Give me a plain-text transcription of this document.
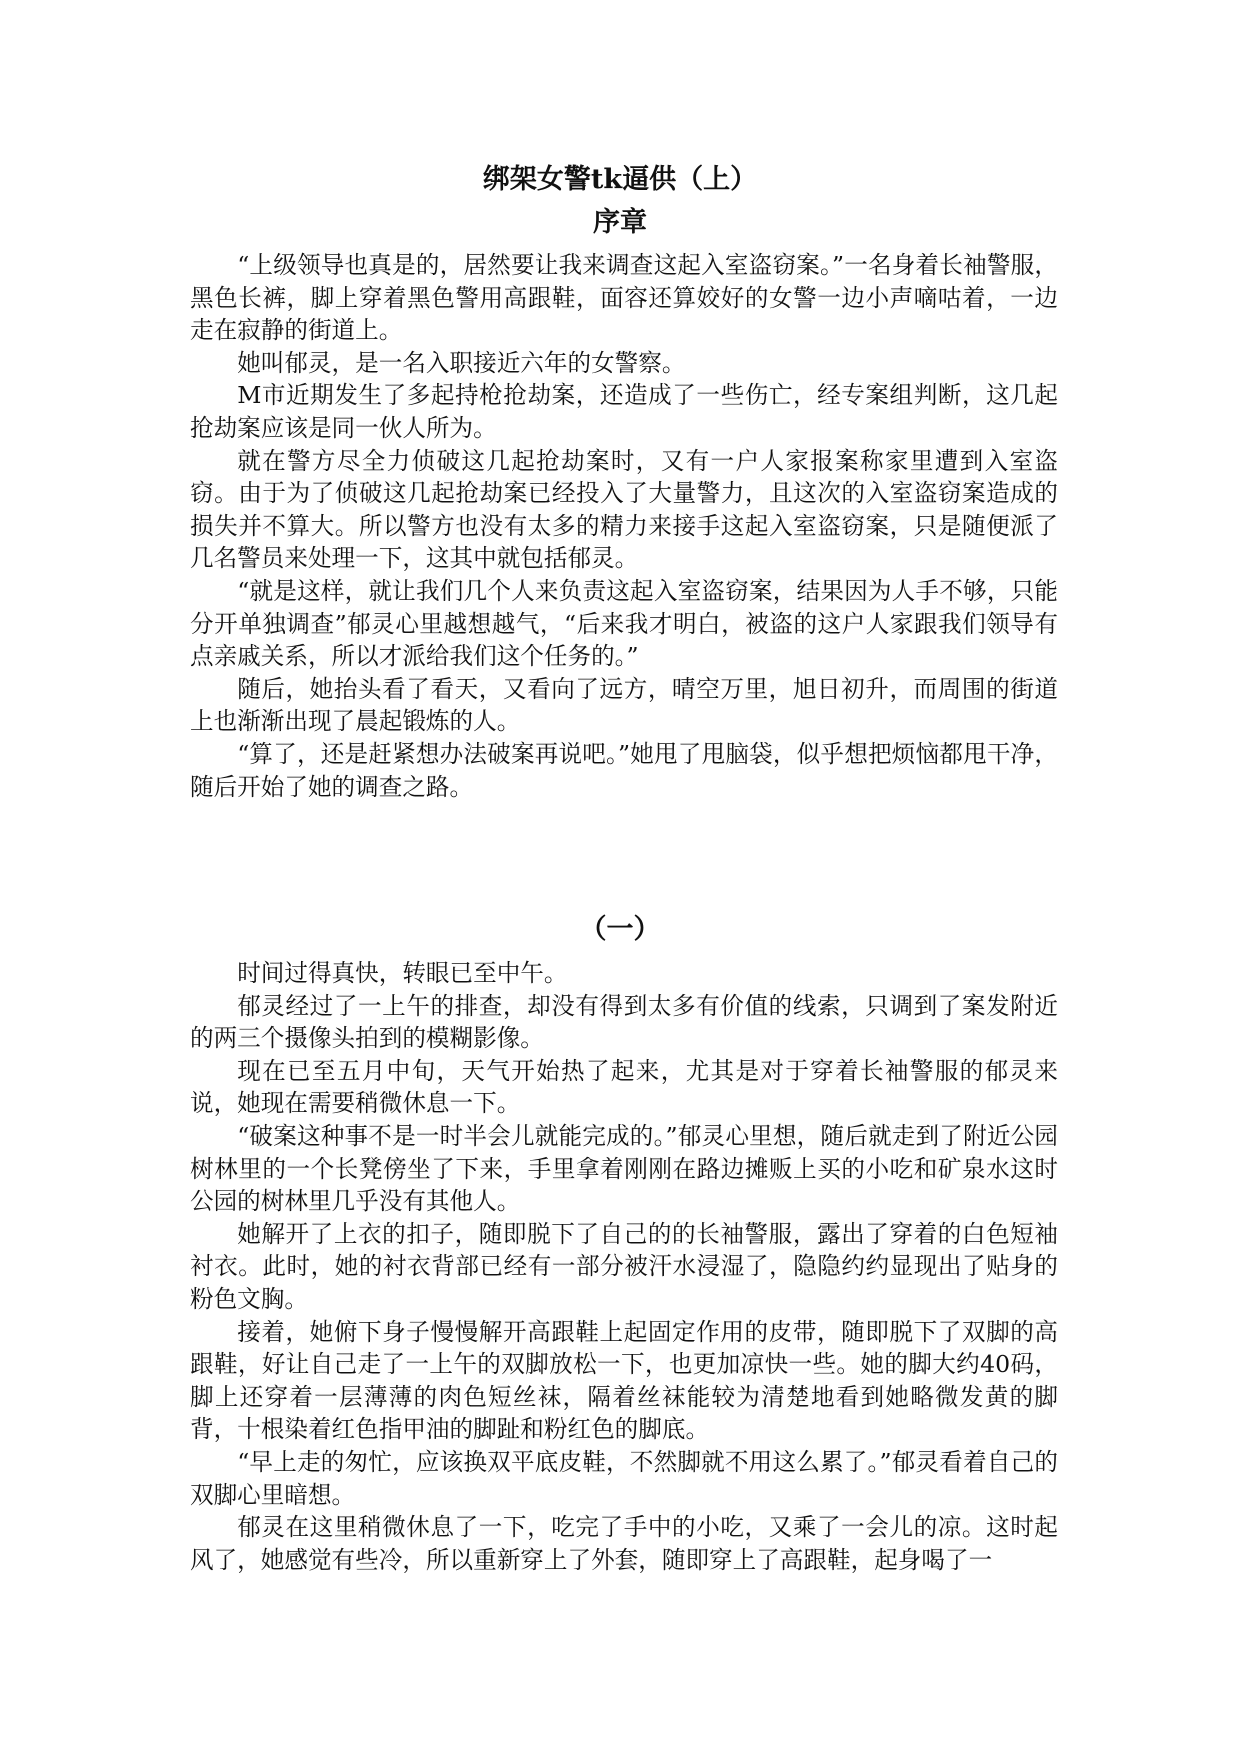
绑架女警tk逼供（上）
序章

“上级领导也真是的，居然要让我来调查这起入室盗窃案。”一名身着长袖警服，黑色长裤，脚上穿着黑色警用高跟鞋，面容还算姣好的女警一边小声嘀咕着，一边走在寂静的街道上。

她叫郁灵，是一名入职接近六年的女警察。

M市近期发生了多起持枪抢劫案，还造成了一些伤亡，经专案组判断，这几起抢劫案应该是同一伙人所为。

就在警方尽全力侦破这几起抢劫案时，又有一户人家报案称家里遭到入室盗窃。由于为了侦破这几起抢劫案已经投入了大量警力，且这次的入室盗窃案造成的损失并不算大。所以警方也没有太多的精力来接手这起入室盗窃案，只是随便派了几名警员来处理一下，这其中就包括郁灵。

“就是这样，就让我们几个人来负责这起入室盗窃案，结果因为人手不够，只能分开单独调查”郁灵心里越想越气，“后来我才明白，被盗的这户人家跟我们领导有点亲戚关系，所以才派给我们这个任务的。”

随后，她抬头看了看天，又看向了远方，晴空万里，旭日初升，而周围的街道上也渐渐出现了晨起锻炼的人。

“算了，还是赶紧想办法破案再说吧。”她甩了甩脑袋，似乎想把烦恼都甩干净，随后开始了她的调查之路。

（一）

时间过得真快，转眼已至中午。

郁灵经过了一上午的排查，却没有得到太多有价值的线索，只调到了案发附近的两三个摄像头拍到的模糊影像。

现在已至五月中旬，天气开始热了起来，尤其是对于穿着长袖警服的郁灵来说，她现在需要稍微休息一下。

“破案这种事不是一时半会儿就能完成的。”郁灵心里想，随后就走到了附近公园树林里的一个长凳傍坐了下来，手里拿着刚刚在路边摊贩上买的小吃和矿泉水这时公园的树林里几乎没有其他人。

她解开了上衣的扣子，随即脱下了自己的的长袖警服，露出了穿着的白色短袖衬衣。此时，她的衬衣背部已经有一部分被汗水浸湿了，隐隐约约显现出了贴身的粉色文胸。

接着，她俯下身子慢慢解开高跟鞋上起固定作用的皮带，随即脱下了双脚的高跟鞋，好让自己走了一上午的双脚放松一下，也更加凉快一些。她的脚大约40码，脚上还穿着一层薄薄的肉色短丝袜，隔着丝袜能较为清楚地看到她略微发黄的脚背，十根染着红色指甲油的脚趾和粉红色的脚底。

“早上走的匆忙，应该换双平底皮鞋，不然脚就不用这么累了。”郁灵看着自己的双脚心里暗想。

郁灵在这里稍微休息了一下，吃完了手中的小吃，又乘了一会儿的凉。这时起风了，她感觉有些冷，所以重新穿上了外套，随即穿上了高跟鞋，起身喝了一
